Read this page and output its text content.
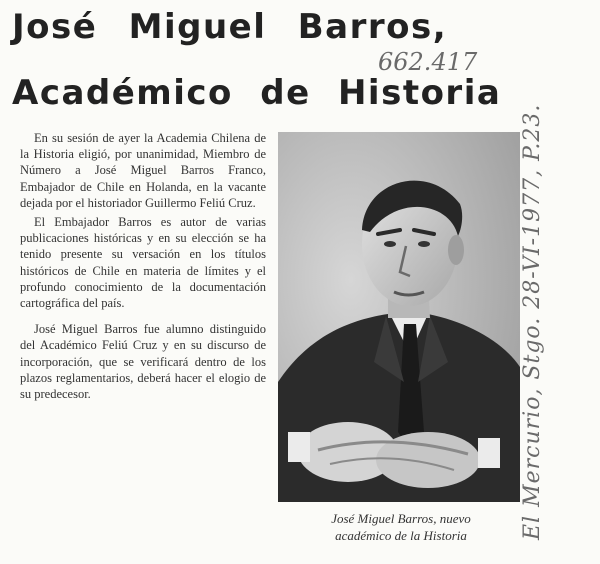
José Miguel Barros,
Académico de Historia
662.417

En su sesión de ayer la Academia Chilena de la Historia eligió, por unanimidad, Miembro de Número a José Miguel Barros Franco, Embajador de Chile en Holanda, en la vacante dejada por el historiador Guillermo Feliú Cruz.

El Embajador Barros es autor de varias publicaciones históricas y en su elección se ha tenido presente su versación en los títulos históricos de Chile en materia de límites y el profundo conocimiento de la documentación cartográfica del país.

José Miguel Barros fue alumno distinguido del Académico Feliú Cruz y en su discurso de incorporación, que se verificará dentro de los plazos reglamentarios, deberá hacer el elogio de su predecesor.

José Miguel Barros, nuevo
académico de la Historia	El Mercurio, Stgo. 28-VI-1977, P.23.
